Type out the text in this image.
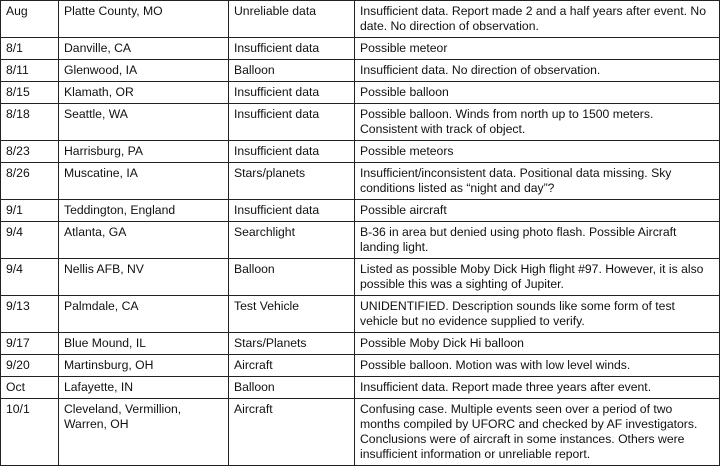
Aug	Platte County, MO	Unreliable data	Insufficient data. Report made 2 and a half years after event. No date. No direction of observation.
8/1	Danville, CA	Insufficient data	Possible meteor
8/11	Glenwood, IA	Balloon	Insufficient data. No direction of observation.
8/15	Klamath, OR	Insufficient data	Possible balloon
8/18	Seattle, WA	Insufficient data	Possible balloon. Winds from north up to 1500 meters. Consistent with track of object.
8/23	Harrisburg, PA	Insufficient data	Possible meteors
8/26	Muscatine, IA	Stars/planets	Insufficient/inconsistent data. Positional data missing. Sky conditions listed as “night and day”?
9/1	Teddington, England	Insufficient data	Possible aircraft
9/4	Atlanta, GA	Searchlight	B-36 in area but denied using photo flash. Possible Aircraft landing light.
9/4	Nellis AFB, NV	Balloon	Listed as possible Moby Dick High flight #97. However, it is also possible this was a sighting of Jupiter.
9/13	Palmdale, CA	Test Vehicle	UNIDENTIFIED. Description sounds like some form of test vehicle but no evidence supplied to verify.
9/17	Blue Mound, IL	Stars/Planets	Possible Moby Dick Hi balloon
9/20	Martinsburg, OH	Aircraft	Possible balloon. Motion was with low level winds.
Oct	Lafayette, IN	Balloon	Insufficient data. Report made three years after event.
10/1	Cleveland, Vermillion, Warren, OH	Aircraft	Confusing case. Multiple events seen over a period of two months compiled by UFORC and checked by AF investigators. Conclusions were of aircraft in some instances. Others were insufficient information or unreliable report.
